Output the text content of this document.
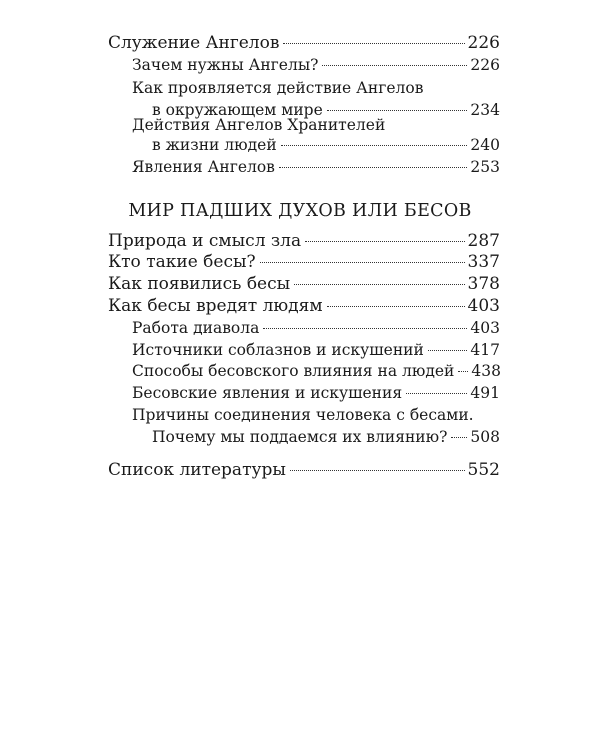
Служение Ангелов	226
Зачем нужны Ангелы?	226
Как проявляется действие Ангелов
в окружающем мире	234
Действия Ангелов Хранителей
в жизни людей	240
Явления Ангелов	253
МИР ПАДШИХ ДУХОВ ИЛИ БЕСОВ
Природа и смысл зла	287
Кто такие бесы?	337
Как появились бесы	378
Как бесы вредят людям	403
Работа диавола	403
Источники соблазнов и искушений	417
Способы бесовского влияния на людей 438
Бесовские явления и искушения	491
Причины соединения человека с бесами.
Почему мы поддаемся их влиянию? 508
Список литературы	552
